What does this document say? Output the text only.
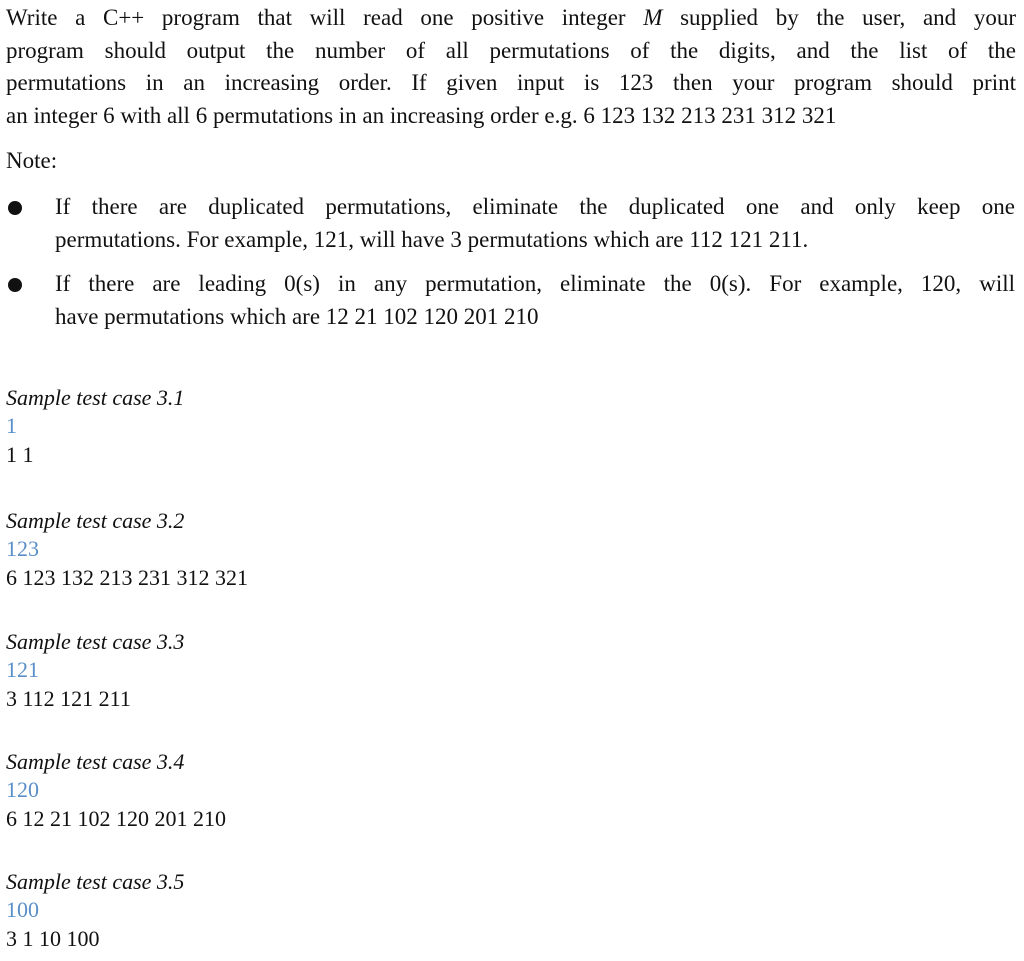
Write a C++ program that will read one positive integer M supplied by the user, and your
program should output the number of all permutations of the digits, and the list of the
permutations in an increasing order. If given input is 123 then your program should print
an integer 6 with all 6 permutations in an increasing order e.g. 6 123 132 213 231 312 321
Note:
If there are duplicated permutations, eliminate the duplicated one and only keep one
permutations. For example, 121, will have 3 permutations which are 112 121 211.
If there are leading 0(s) in any permutation, eliminate the 0(s). For example, 120, will
have permutations which are 12 21 102 120 201 210
Sample test case 3.1
1
1 1
Sample test case 3.2
123
6 123 132 213 231 312 321
Sample test case 3.3
121
3 112 121 211
Sample test case 3.4
120
6 12 21 102 120 201 210
Sample test case 3.5
100
3 1 10 100
